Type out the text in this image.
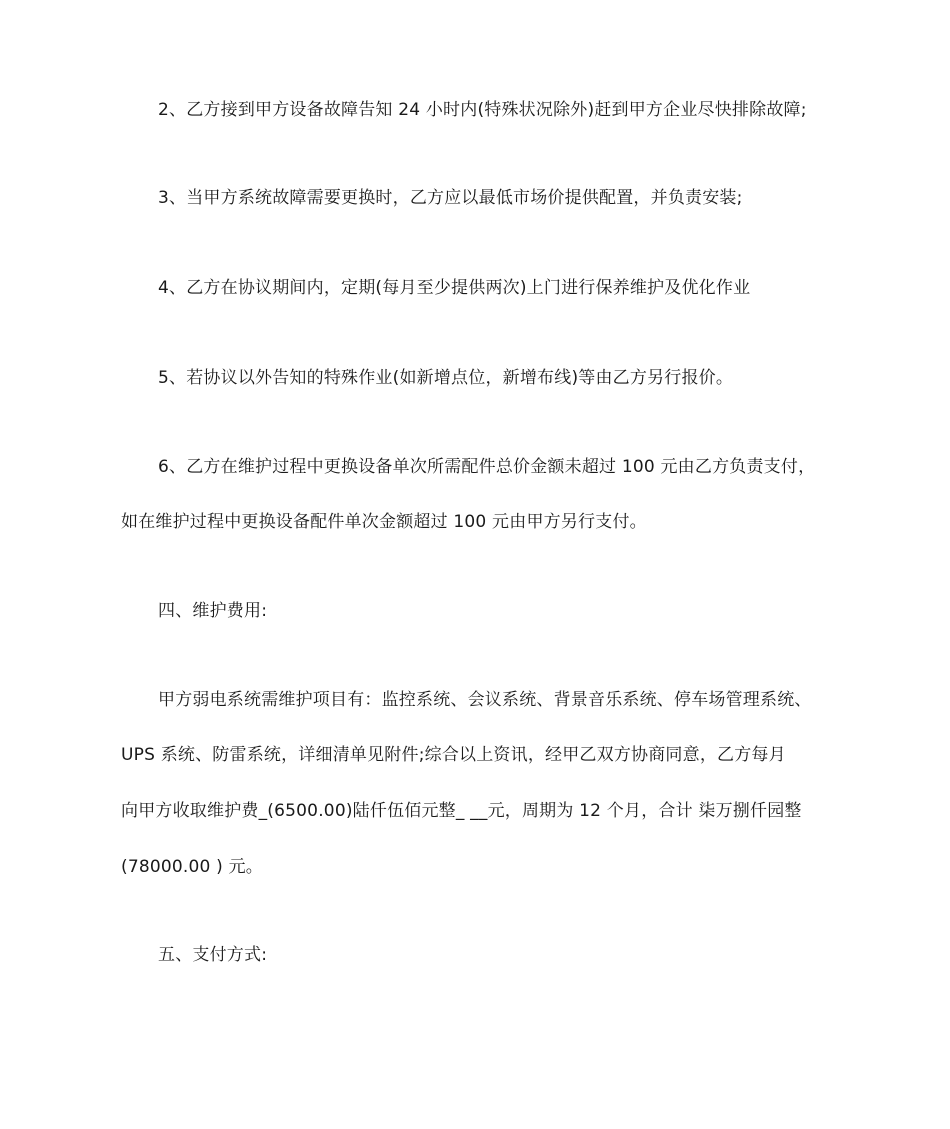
2、乙方接到甲方设备故障告知 24 小时内(特殊状况除外)赶到甲方企业尽快排除故障;
3、当甲方系统故障需要更换时，乙方应以最低市场价提供配置，并负责安装;
4、乙方在协议期间内，定期(每月至少提供两次)上门进行保养维护及优化作业
5、若协议以外告知的特殊作业(如新增点位，新增布线)等由乙方另行报价。
6、乙方在维护过程中更换设备单次所需配件总价金额未超过 100 元由乙方负责支付，
如在维护过程中更换设备配件单次金额超过 100 元由甲方另行支付。
四、维护费用:
甲方弱电系统需维护项目有：监控系统、会议系统、背景音乐系统、停车场管理系统、
UPS 系统、防雷系统，详细清单见附件;综合以上资讯，经甲乙双方协商同意，乙方每月
向甲方收取维护费_(6500.00)陆仟伍佰元整_ __元，周期为 12 个月，合计 柒万捌仟园整
(78000.00 ) 元。
五、支付方式:
